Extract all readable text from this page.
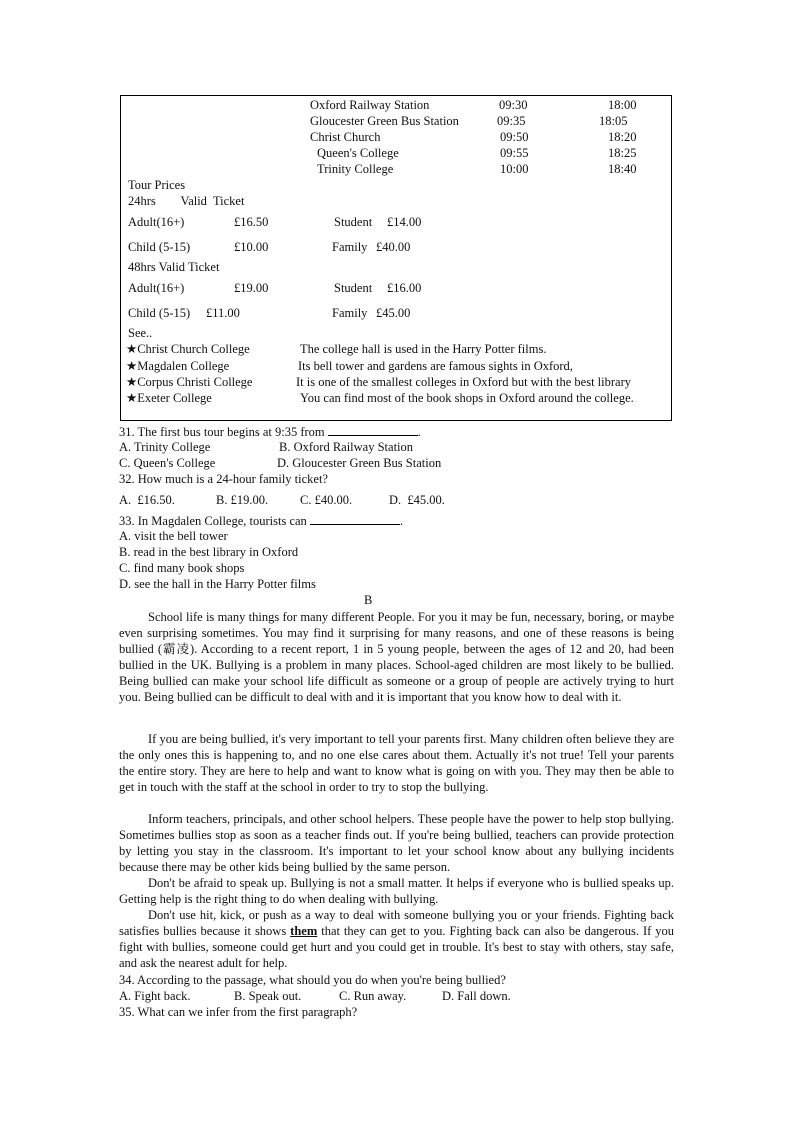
Oxford Railway Station	09:30	18:00
Gloucester Green Bus Station	09:35	18:05
Christ Church	09:50	18:20
Queen's College	09:55	18:25
Trinity College	10:00	18:40
Tour Prices
24hrs        Valid  Ticket
Adult(16+)	£16.50	Student £14.00
Child (5-15)	£10.00	Family £40.00
48hrs Valid Ticket
Adult(16+)	£19.00	Student £16.00
Child (5-15) £11.00	Family £45.00
See..
★Christ Church College	The college hall is used in the Harry Potter films.
★Magdalen College	Its bell tower and gardens are famous sights in Oxford,
★Corpus Christi College	It is one of the smallest colleges in Oxford but with the best library
★Exeter College	You can find most of the book shops in Oxford around the college.
31. The first bus tour begins at 9:35 from	.
A. Trinity College	B. Oxford Railway Station
C. Queen's College	D. Gloucester Green Bus Station
32. How much is a 24-hour family ticket?
A.  £16.50.	B. £19.00.	C. £40.00.	D.  £45.00.
33. In Magdalen College, tourists can	.
A. visit the bell tower
B. read in the best library in Oxford
C. find many book shops
D. see the hall in the Harry Potter films
B

School life is many things for many different People. For you it may be fun, necessary, boring, or maybe even surprising sometimes. You may find it surprising for many reasons, and one of these reasons is being bullied (霸凌). According to a recent report, 1 in 5 young people, between the ages of 12 and 20, had been bullied in the UK. Bullying is a problem in many places. School-aged children are most likely to be bullied. Being bullied can make your school life difficult as someone or a group of people are actively trying to hurt you. Being bullied can be difficult to deal with and it is important that you know how to deal with it.

If you are being bullied, it's very important to tell your parents first. Many children often believe they are the only ones this is happening to, and no one else cares about them. Actually it's not true! Tell your parents the entire story. They are here to help and want to know what is going on with you. They may then be able to get in touch with the staff at the school in order to try to stop the bullying.

Inform teachers, principals, and other school helpers. These people have the power to help stop bullying. Sometimes bullies stop as soon as a teacher finds out. If you're being bullied, teachers can provide protection by letting you stay in the classroom. It's important to let your school know about any bullying incidents because there may be other kids being bullied by the same person.

Don't be afraid to speak up. Bullying is not a small matter. It helps if everyone who is bullied speaks up. Getting help is the right thing to do when dealing with bullying.

Don't use hit, kick, or push as a way to deal with someone bullying you or your friends. Fighting back satisfies bullies because it shows them that they can get to you. Fighting back can also be dangerous. If you fight with bullies, someone could get hurt and you could get in trouble. It's best to stay with others, stay safe, and ask the nearest adult for help.

34. According to the passage, what should you do when you're being bullied?
A. Fight back.	B. Speak out.	C. Run away.	D. Fall down.
35. What can we infer from the first paragraph?
